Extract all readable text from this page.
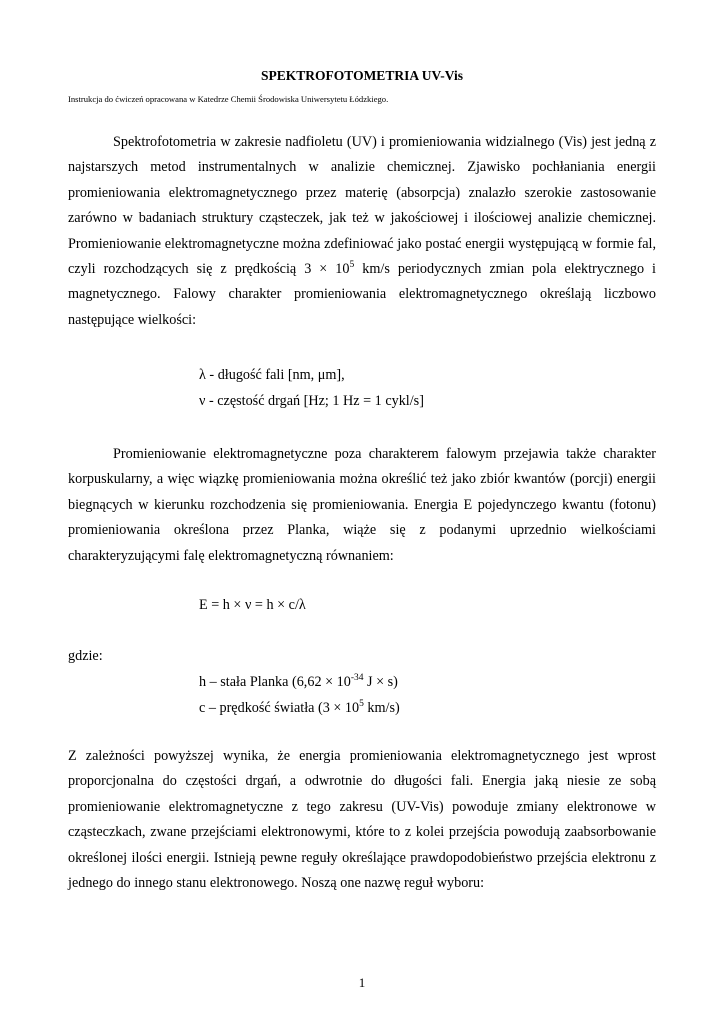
SPEKTROFOTOMETRIA UV-Vis
Instrukcja do ćwiczeń opracowana w Katedrze Chemii Środowiska Uniwersytetu Łódzkiego.
Spektrofotometria w zakresie nadfioletu (UV) i promieniowania widzialnego (Vis) jest jedną z najstarszych metod instrumentalnych w analizie chemicznej. Zjawisko pochłaniania energii promieniowania elektromagnetycznego przez materię (absorpcja) znalazło szerokie zastosowanie zarówno w badaniach struktury cząsteczek, jak też w jakościowej i ilościowej analizie chemicznej. Promieniowanie elektromagnetyczne można zdefiniować jako postać energii występującą w formie fal, czyli rozchodzących się z prędkością $3 \times 10^5$ km/s periodycznych zmian pola elektrycznego i magnetycznego. Falowy charakter promieniowania elektromagnetycznego określają liczbowo następujące wielkości:
λ - długość fali [nm, μm],
ν - częstość drgań [Hz; 1 Hz = 1 cykl/s]
Promieniowanie elektromagnetyczne poza charakterem falowym przejawia także charakter korpuskularny, a więc wiązkę promieniowania można określić też jako zbiór kwantów (porcji) energii biegnących w kierunku rozchodzenia się promieniowania. Energia E pojedynczego kwantu (fotonu) promieniowania określona przez Planka, wiąże się z podanymi uprzednio wielkościami charakteryzującymi falę elektromagnetyczną równaniem:
E = h × ν = h × c/λ
gdzie:
h – stała Planka ($6,62 \times 10^{-34}$ J × s)
c – prędkość światła ($3 \times 10^5$ km/s)
Z zależności powyższej wynika, że energia promieniowania elektromagnetycznego jest wprost proporcjonalna do częstości drgań, a odwrotnie do długości fali. Energia jaką niesie ze sobą promieniowanie elektromagnetyczne z tego zakresu (UV-Vis) powoduje zmiany elektronowe w cząsteczkach, zwane przejściami elektronowymi, które to z kolei przejścia powodują zaabsorbowanie określonej ilości energii. Istnieją pewne reguły określające prawdopodobieństwo przejścia elektronu z jednego do innego stanu elektronowego. Noszą one nazwę reguł wyboru:
1
